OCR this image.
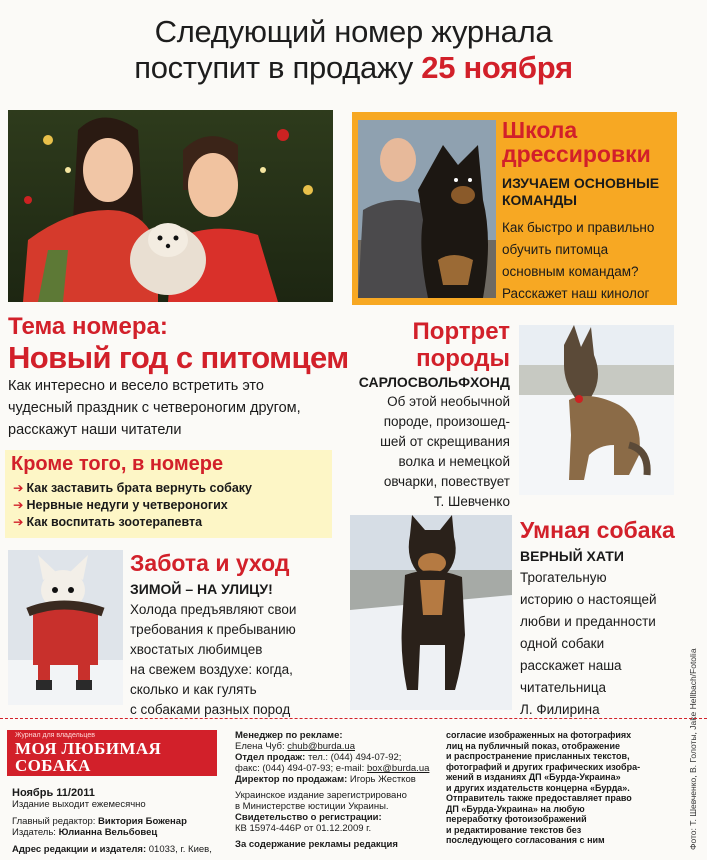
Следующий номер журнала
поступит в продажу 25 ноября
Школа
дрессировки
ИЗУЧАЕМ ОСНОВНЫЕ
КОМАНДЫ
Как быстро и правильно
обучить питомца
основным командам?
Расскажет наш кинолог
Тема номера:
Новый год с питомцем
Как интересно и весело встретить это
чудесный праздник с четвероногим другом,
расскажут наши читатели
Кроме того, в номере
➔ Как заставить брата вернуть собаку
➔ Нервные недуги у четвероногих
➔ Как воспитать зоотерапевта
Портрет
породы
САРЛОСВОЛЬФХОНД
Об этой необычной
породе, произошед-
шей от скрещивания
волка и немецкой
овчарки, повествует
Т. Шевченко
Забота и уход
ЗИМОЙ – НА УЛИЦУ!
Холода предъявляют свои
требования к пребыванию
хвостатых любимцев
на свежем воздухе: когда,
сколько и как гулять
с собаками разных пород
Умная собака
ВЕРНЫЙ ХАТИ
Трогательную
историю о настоящей
любви и преданности
одной собаки
расскажет наша
читательница
Л. Филирина	Фото: Т. Шевченко, В. Голоты, Jake Hellbach/Fotolia
Журнал для владельцев
МОЯ ЛЮБИМАЯ
СОБАКА
Ноябрь 11/2011
Издание выходит ежемесячно
Главный редактор: Виктория Боженар
Издатель: Юлианна Вельбовец
Адрес редакции и издателя: 01033, г. Киев,
Менеджер по рекламе:
Елена Чуб: chub@burda.ua
Отдел продаж: тел.: (044) 494-07-92;
факс: (044) 494-07-93; e-mail: box@burda.ua
Директор по продажам: Игорь Жестков
Украинское издание зарегистрировано
в Министерстве юстиции Украины.
Свидетельство о регистрации:
КВ 15974-446Р от 01.12.2009 г.
За содержание рекламы редакция
согласие изображенных на фотографиях
лиц на публичный показ, отображение
и распространение присланных текстов,
фотографий и других графических изобра-
жений в изданиях ДП «Бурда-Украина»
и других издательств концерна «Бурда».
Отправитель также предоставляет право
ДП «Бурда-Украина» на любую
переработку фотоизображений
и редактирование текстов без
последующего согласования с ним
